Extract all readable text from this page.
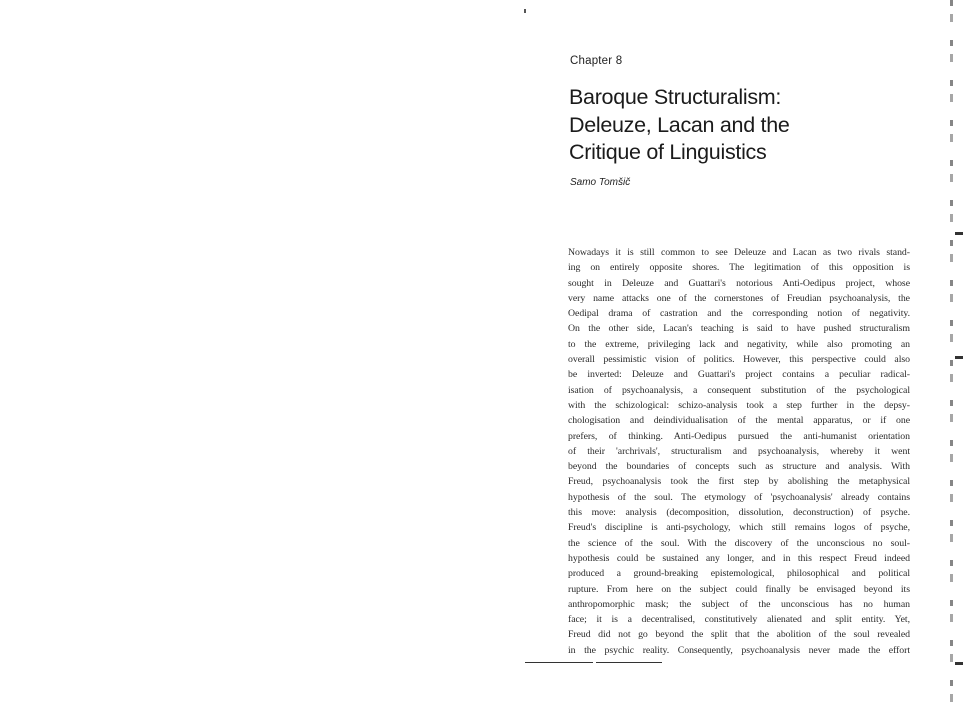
Chapter 8
Baroque Structuralism:
Deleuze, Lacan and the
Critique of Linguistics
Samo Tomšič
Nowadays it is still common to see Deleuze and Lacan as two rivals stand-
ing on entirely opposite shores. The legitimation of this opposition is
sought in Deleuze and Guattari's notorious Anti-Oedipus project, whose
very name attacks one of the cornerstones of Freudian psychoanalysis, the
Oedipal drama of castration and the corresponding notion of negativity.
On the other side, Lacan's teaching is said to have pushed structuralism
to the extreme, privileging lack and negativity, while also promoting an
overall pessimistic vision of politics. However, this perspective could also
be inverted: Deleuze and Guattari's project contains a peculiar radical-
isation of psychoanalysis, a consequent substitution of the psychological
with the schizological: schizo-analysis took a step further in the depsy-
chologisation and deindividualisation of the mental apparatus, or if one
prefers, of thinking. Anti-Oedipus pursued the anti-humanist orientation
of their 'archrivals', structuralism and psychoanalysis, whereby it went
beyond the boundaries of concepts such as structure and analysis. With
Freud, psychoanalysis took the first step by abolishing the metaphysical
hypothesis of the soul. The etymology of 'psychoanalysis' already contains
this move: analysis (decomposition, dissolution, deconstruction) of psyche.
Freud's discipline is anti-psychology, which still remains logos of psyche,
the science of the soul. With the discovery of the unconscious no soul-
hypothesis could be sustained any longer, and in this respect Freud indeed
produced a ground-breaking epistemological, philosophical and political
rupture. From here on the subject could finally be envisaged beyond its
anthropomorphic mask; the subject of the unconscious has no human
face; it is a decentralised, constitutively alienated and split entity. Yet,
Freud did not go beyond the split that the abolition of the soul revealed
in the psychic reality. Consequently, psychoanalysis never made the effort
